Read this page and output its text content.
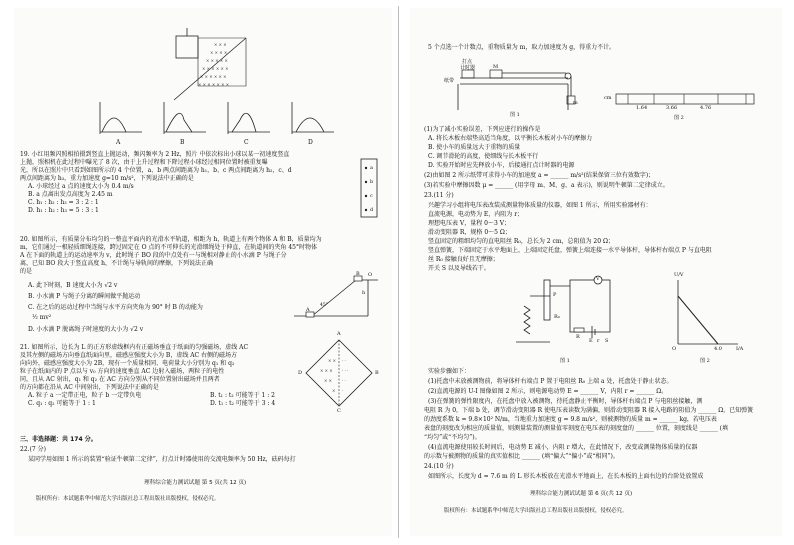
× × ×
× × × ×
× × × × ×
× × × × × ×
× × × × × ×
× × × × × × ×
A	B	C	D
19. 小红用频闪照相拍摄到竖直上抛运动，频闪频率为 2 Hz，照片 中依次标出小球以某一初速度竖直
上抛，照相机在此过程中曝光了 8 次，由于上升过程和下降过程小球经过相同位置时被重复曝
光，所以在照片中只看到如图所示的 4 个位置，a、b 两点间距离为 h₁，b、c 两点间距离为 h₂，c、d
两点间距离为 h₃，重力加速度 g=10 m/s²，下列说法中正确的是
A. 小球经过 a 点的速度大小为 0.4 m/s
B. a 点离出发点高度为 2.45 m
C. h₁ : h₂ : h₃ = 3 : 2 : 1
D. h₁ : h₂ : h₃ = 5 : 3 : 1
a
b
c
d
20. 如图所示，有质量分布均匀的一整直平面内的光滑水平轨道，相距为 h，轨道上有两个物体 A 和 B，质量均为
m，它们通过一根轻质细绳连接，跨过固定在 O 点的不可伸长的光滑细绳处于伸直，在轨道间的夹角 45°时物体
A 在下面的轨道上的运动速率为 v，此时绳子 BO 段的中点处有一与绳相对静止的小水滴 P 与绳子分
离，已知 BO 段大于竖直高度 h，不计绳与导轨间的摩擦，下列说法正确
的是
A. 此下时刻，B 速度大小为 √2 v
B. 小水滴 P 与绳子分离的瞬间做平抛运动
C. 在之后的运动过程中当绳与水平方向夹角为 90° 时 B 的动能为
½ mv²
D. 小水滴 P 脱离绳子时速度的大小为 √2 v
h
A
B O
45°
21. 如图所示，边长为 L 的正方形虚线框内有正磁场垂直于纸面的匀强磁场，虚线 AC
及其左侧的磁场方向垂直纸面向里，磁感应强度大小为 B，虚线 AC 右侧的磁场方
向向外，磁感应强度大小为 2B，现有一个质量相同、电荷量大小分别为 q₁ 和 q₂
粒子在纸面内的 P 点以与 v₀ 方向的速度垂直 AC 边射入磁场，两粒子的电性
同，且从 AC 射出，q₁ 和 q₂ 在 AC 方向分别从不同位置射出磁场并且两者
的方向都在沿从 AC 中间射出，下列说法中正确的是
A. 粒子 a 一定带正电，粒子 b 一定带负电	B. t₁ : t₂ 可能等于 1 : 2
C. q₁ : q₂ 可能等于 1 : 1	D. t₁ : t₂ 可能等于 3 : 4
× ×
× × ×
× ×
×
· ·
· · ·
· ·
·
A
B
C
D
三、非选择题：共 174 分。
22.(7 分)
某同学用如图 1 所示的装置“验证牛顿第二定律”，打点计时器使用的交流电频率为 50 Hz，砝码每打
理科综合能力测试试题 第 5 页(共 12 页)
版权所有：本试题系华中师范大学出版社总工程出版社出版授权，侵权必究。
5 个点选一个计数点，重物质量为 m，取力加速度为 g，得重力不计。
打点
计时器
纸带
M
m
图 1
cm
1.64	3.66	4.76
图 2
(1)为了减小实验误差，下列应进行的操作是
A. 将长木板右端垫高适当角度，以平衡长木板对小车的摩擦力
B. 使小车的质量远大于重物的质量
C. 调节滑轮的高度，使细线与长木板平行
D. 实验开始时应先释放小车，后接通打点计时器的电源
(2)由如图 2 所示纸带可求得小车的加速度 a = ______ m/s²(结果保留三位有效数字)；
(3)若实验中摩擦因数 μ = ______ (用字母 m、M、g、a 表示)，则说明牛顿第二定律成立。
23.(11 分)
兴趣学习小组将电压表改装成测量物体质量的仪器，如图 1 所示，所用实验器材有：
直流电源，电动势为 E，内阻为 r；
理想电压表 V，量程 0～3 V；
滑动变阻器 R，规格 0～5 Ω；
竖直固定的粗细均匀的直电阻丝 R₀，总长为 2 cm，总阻值为 20 Ω；
竖直弹簧，下端固定于水平地面上，上端固定托盘，弹簧上端连接一水平导体杆，导体杆右端点 P 与直电阻
丝 R₀ 接触良好且无摩擦；
开关 S 以及导线若干。
P
R₀
E r S
V
R
图 1
U/V
O	4.0	I/A
图 2
实验步骤如下：
(1)托盘中未放被测物前，将导体杆右端点 P 置于电阻丝 R₀ 上端 a 处，托盘处于静止状态。
(2)直流电源的 U-I 图像如图 2 所示，则电源电动势 E = ______ V，内阻 r = ______ Ω。
(3)在弹簧的弹性限度内，在托盘中放入被测物，待托盘静止平衡时，导体杆右端点 P 与电阻丝接触，测
电阻 R 为 0，下端 b 处，调节滑动变阻器 R 使电压表读数为满偏，则滑动变阻器 R 接入电路的阻值为 ______ Ω，已知弹簧
的劲度系数 k = 9.8×10² N/m，当地重力加速度 g = 9.8 m/s²，则被测物的质量 m = ______ kg，若电压表
表盘的刻度改为相应的质量值，则测量装置的测量值零刻度在电压表的刻度盘的 ______ 位置，刻度线是 ______ (填
“均匀”或“不均匀”)。
(4)直流电源使用较长时间后，电动势 E 减小，内阻 r 增大，在此情况下，改变或测量物体质量的仪器
的示数与被测物的质量的真实值相比 ______ (填“偏大”“偏小”或“相同”)。
24.(10 分)
如图所示，长度为 d = 7.6 m 的 L 形长木板放在光滑水平地面上，在长木板的上面右边的台阶处放置成
理科综合能力测试试题 第 6 页(共 12 页)
版权所有：本试题系华中师范大学出版社总工程出版社出版授权，侵权必究。
